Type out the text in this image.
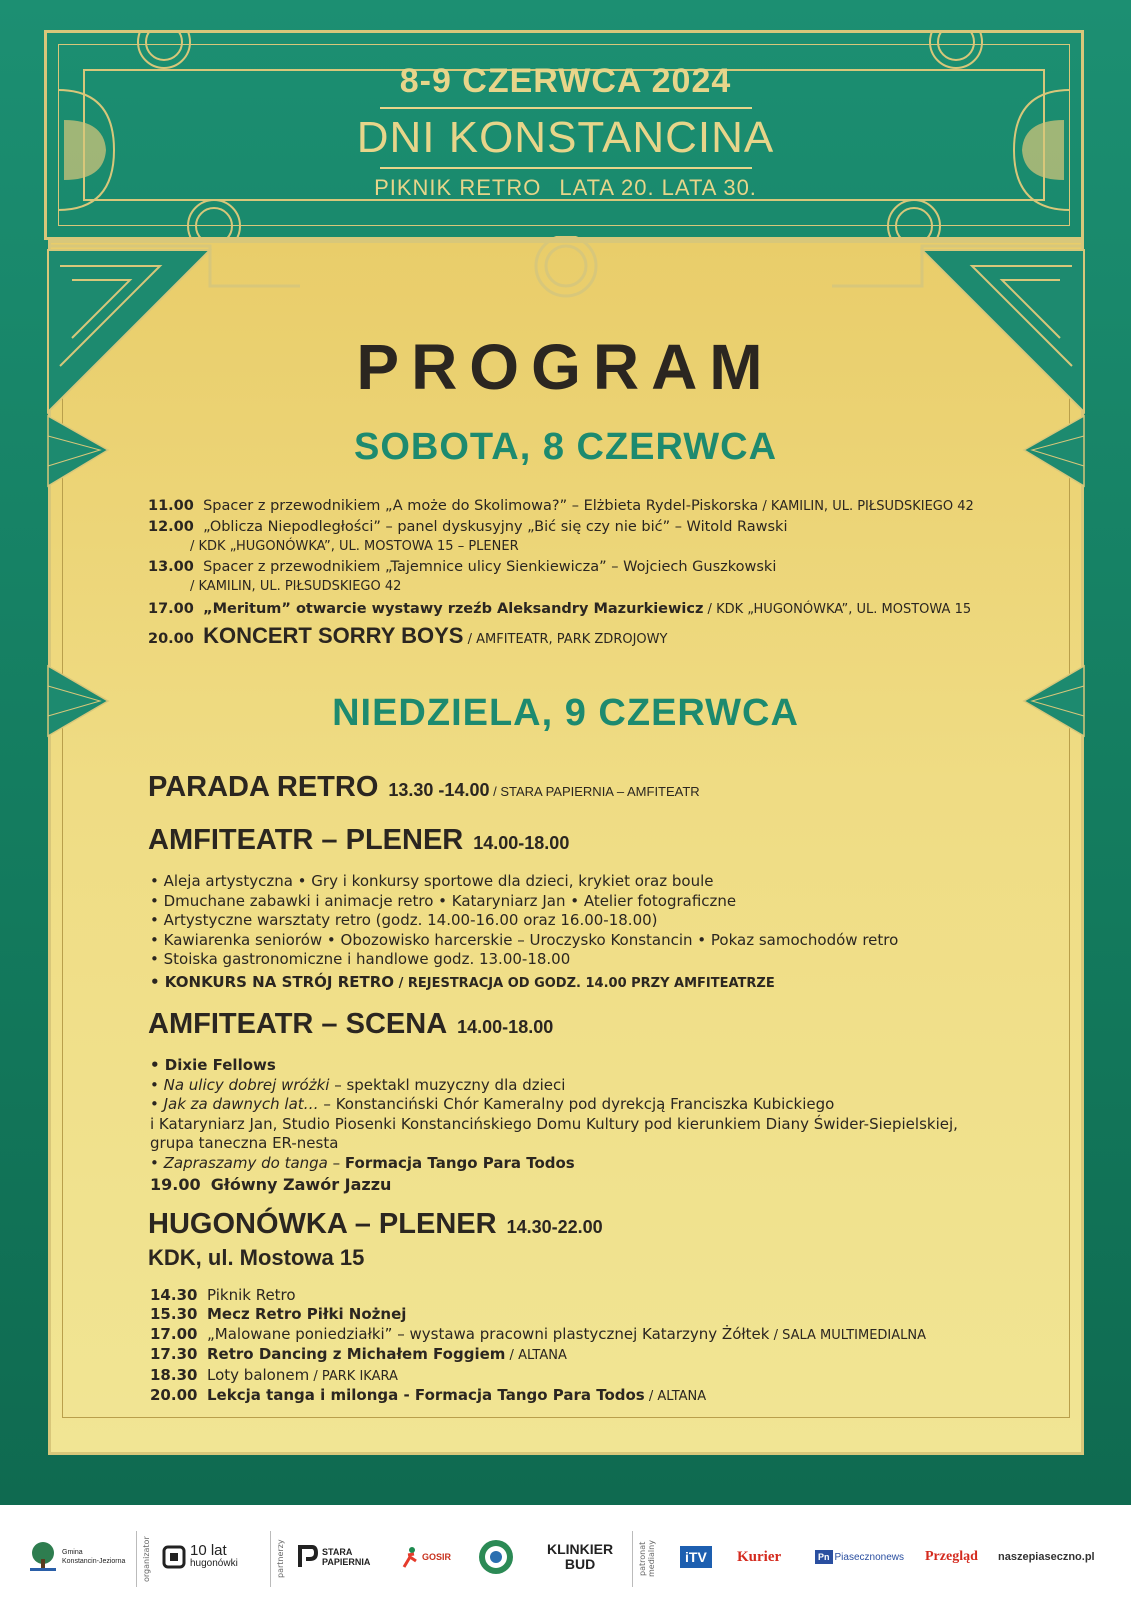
8-9 CZERWCA 2024
DNI KONSTANCINA
PIKNIK RETRO LATA 20. LATA 30.
PROGRAM
SOBOTA, 8 CZERWCA
11.00 Spacer z przewodnikiem „A może do Skolimowa?” – Elżbieta Rydel-Piskorska / KAMILIN, UL. PIŁSUDSKIEGO 42
12.00 „Oblicza Niepodległości” – panel dyskusyjny „Bić się czy nie bić” – Witold Rawski
/ KDK „HUGONÓWKA”, UL. MOSTOWA 15 – PLENER
13.00 Spacer z przewodnikiem „Tajemnice ulicy Sienkiewicza” – Wojciech Guszkowski
/ KAMILIN, UL. PIŁSUDSKIEGO 42
17.00 „Meritum” otwarcie wystawy rzeźb Aleksandry Mazurkiewicz / KDK „HUGONÓWKA”, UL. MOSTOWA 15
20.00 KONCERT SORRY BOYS / AMFITEATR, PARK ZDROJOWY
NIEDZIELA, 9 CZERWCA
PARADA RETRO 13.30 -14.00 / STARA PAPIERNIA – AMFITEATR
AMFITEATR – PLENER 14.00-18.00
• Aleja artystyczna • Gry i konkursy sportowe dla dzieci, krykiet oraz boule
• Dmuchane zabawki i animacje retro • Kataryniarz Jan • Atelier fotograficzne
• Artystyczne warsztaty retro (godz. 14.00-16.00 oraz 16.00-18.00)
• Kawiarenka seniorów • Obozowisko harcerskie – Uroczysko Konstancin • Pokaz samochodów retro
• Stoiska gastronomiczne i handlowe godz. 13.00-18.00
• KONKURS NA STRÓJ RETRO / REJESTRACJA OD GODZ. 14.00 PRZY AMFITEATRZE
AMFITEATR – SCENA 14.00-18.00
• Dixie Fellows
• Na ulicy dobrej wróżki – spektakl muzyczny dla dzieci
• Jak za dawnych lat… – Konstanciński Chór Kameralny pod dyrekcją Franciszka Kubickiego
i Kataryniarz Jan, Studio Piosenki Konstancińskiego Domu Kultury pod kierunkiem Diany Świder-Siepielskiej,
grupa taneczna ER-nesta
• Zapraszamy do tanga – Formacja Tango Para Todos
19.00 Główny Zawór Jazzu
HUGONÓWKA – PLENER 14.30-22.00
KDK, ul. Mostowa 15
14.30 Piknik Retro
15.30 Mecz Retro Piłki Nożnej
17.00 „Malowane poniedziałki” – wystawa pracowni plastycznej Katarzyny Żółtek / SALA MULTIMEDIALNA
17.30 Retro Dancing z Michałem Foggiem / ALTANA
18.30 Loty balonem / PARK IKARA
20.00 Lekcja tanga i milonga - Formacja Tango Para Todos / ALTANA
Gmina
Konstancin-Jeziorna organizator	10 lat
hugonówki	partnerzy	STARA
PAPIERNIA	GOSIR	KLINKIER
BUD	patronat medialny	iTV	Kurier	Pn Piasecznonews Przegląd naszepiaseczno.pl
